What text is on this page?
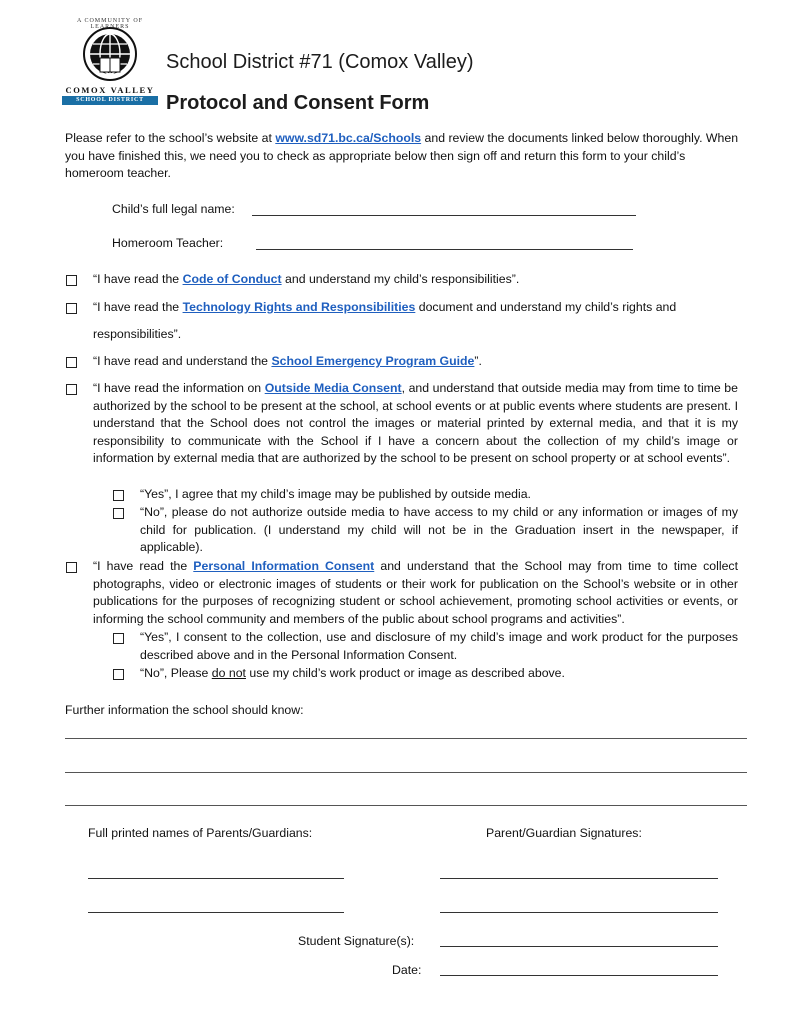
A COMMUNITY OF LEARNERS
COMOX VALLEY
SCHOOL DISTRICT
School District #71 (Comox Valley)
Protocol and Consent Form
Please refer to the school’s website at www.sd71.bc.ca/Schools and review the documents linked below thoroughly. When you have finished this, we need you to check as appropriate below then sign off and return this form to your child’s homeroom teacher.
Child’s full legal name:
Homeroom Teacher:
“I have read the Code of Conduct and understand my child’s responsibilities”.
“I have read the Technology Rights and Responsibilities document and understand my child’s rights and
responsibilities”.
“I have read and understand the School Emergency Program Guide”.
“I have read the information on Outside Media Consent, and understand that outside media may from time to time be authorized by the school to be present at the school, at school events or at public events where students are present. I understand that the School does not control the images or material printed by external media, and that it is my responsibility to communicate with the School if I have a concern about the collection of my child’s image or information by external media that are authorized by the school to be present on school property or at school events”.
“Yes”, I agree that my child’s image may be published by outside media.
“No”, please do not authorize outside media to have access to my child or any information or images of my child for publication. (I understand my child will not be in the Graduation insert in the newspaper, if applicable).
“I have read the Personal Information Consent and understand that the School may from time to time collect photographs, video or electronic images of students or their work for publication on the School’s website or in other publications for the purposes of recognizing student or school achievement, promoting school activities or events, or informing the school community and members of the public about school programs and activities”.
“Yes”, I consent to the collection, use and disclosure of my child’s image and work product for the purposes described above and in the Personal Information Consent.
“No”, Please do not use my child’s work product or image as described above.
Further information the school should know:
Full printed names of Parents/Guardians:	Parent/Guardian Signatures:
Student Signature(s):
Date:
